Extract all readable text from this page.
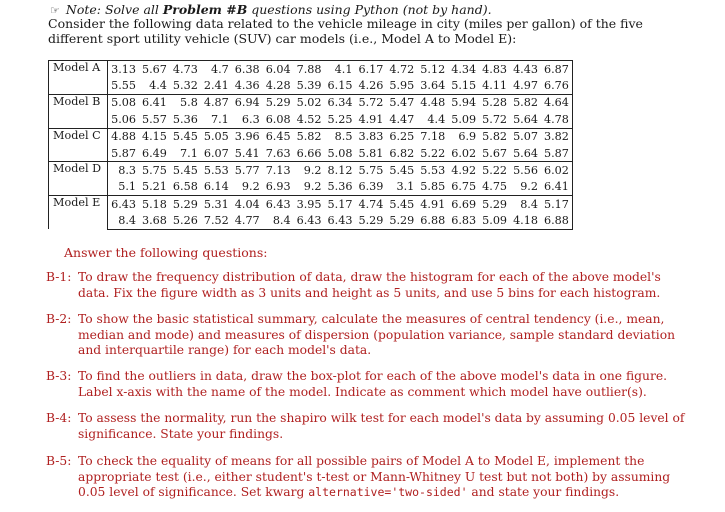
☞ Note: Solve all Problem #B questions using Python (not by hand).
Consider the following data related to the vehicle mileage in city (miles per gallon) of the five different sport utility vehicle (SUV) car models (i.e., Model A to Model E):
Model A	3.13	5.67	4.73	4.7	6.38	6.04	7.88	4.1	6.17	4.72	5.12	4.34	4.83	4.43	6.87
	5.55	4.4	5.32	2.41	4.36	4.28	5.39	6.15	4.26	5.95	3.64	5.15	4.11	4.97	6.76
Model B	5.08	6.41	5.8	4.87	6.94	5.29	5.02	6.34	5.72	5.47	4.48	5.94	5.28	5.82	4.64
	5.06	5.57	5.36	7.1	6.3	6.08	4.52	5.25	4.91	4.47	4.4	5.09	5.72	5.64	4.78
Model C	4.88	4.15	5.45	5.05	3.96	6.45	5.82	8.5	3.83	6.25	7.18	6.9	5.82	5.07	3.82
	5.87	6.49	7.1	6.07	5.41	7.63	6.66	5.08	5.81	6.82	5.22	6.02	5.67	5.64	5.87
Model D	8.3	5.75	5.45	5.53	5.77	7.13	9.2	8.12	5.75	5.45	5.53	4.92	5.22	5.56	6.02
	5.1	5.21	6.58	6.14	9.2	6.93	9.2	5.36	6.39	3.1	5.85	6.75	4.75	9.2	6.41
Model E	6.43	5.18	5.29	5.31	4.04	6.43	3.95	5.17	4.74	5.45	4.91	6.69	5.29	8.4	5.17
	8.4	3.68	5.26	7.52	4.77	8.4	6.43	6.43	5.29	5.29	6.88	6.83	5.09	4.18	6.88
Answer the following questions:
B-1: To draw the frequency distribution of data, draw the histogram for each of the above model's data. Fix the figure width as 3 units and height as 5 units, and use 5 bins for each histogram.
B-2: To show the basic statistical summary, calculate the measures of central tendency (i.e., mean, median and mode) and measures of dispersion (population variance, sample standard deviation and interquartile range) for each model's data.
B-3: To find the outliers in data, draw the box-plot for each of the above model's data in one figure. Label x-axis with the name of the model. Indicate as comment which model have outlier(s).
B-4: To assess the normality, run the shapiro wilk test for each model's data by assuming 0.05 level of significance. State your findings.
B-5: To check the equality of means for all possible pairs of Model A to Model E, implement the appropriate test (i.e., either student's t-test or Mann-Whitney U test but not both) by assuming 0.05 level of significance. Set kwarg alternative='two-sided' and state your findings.
